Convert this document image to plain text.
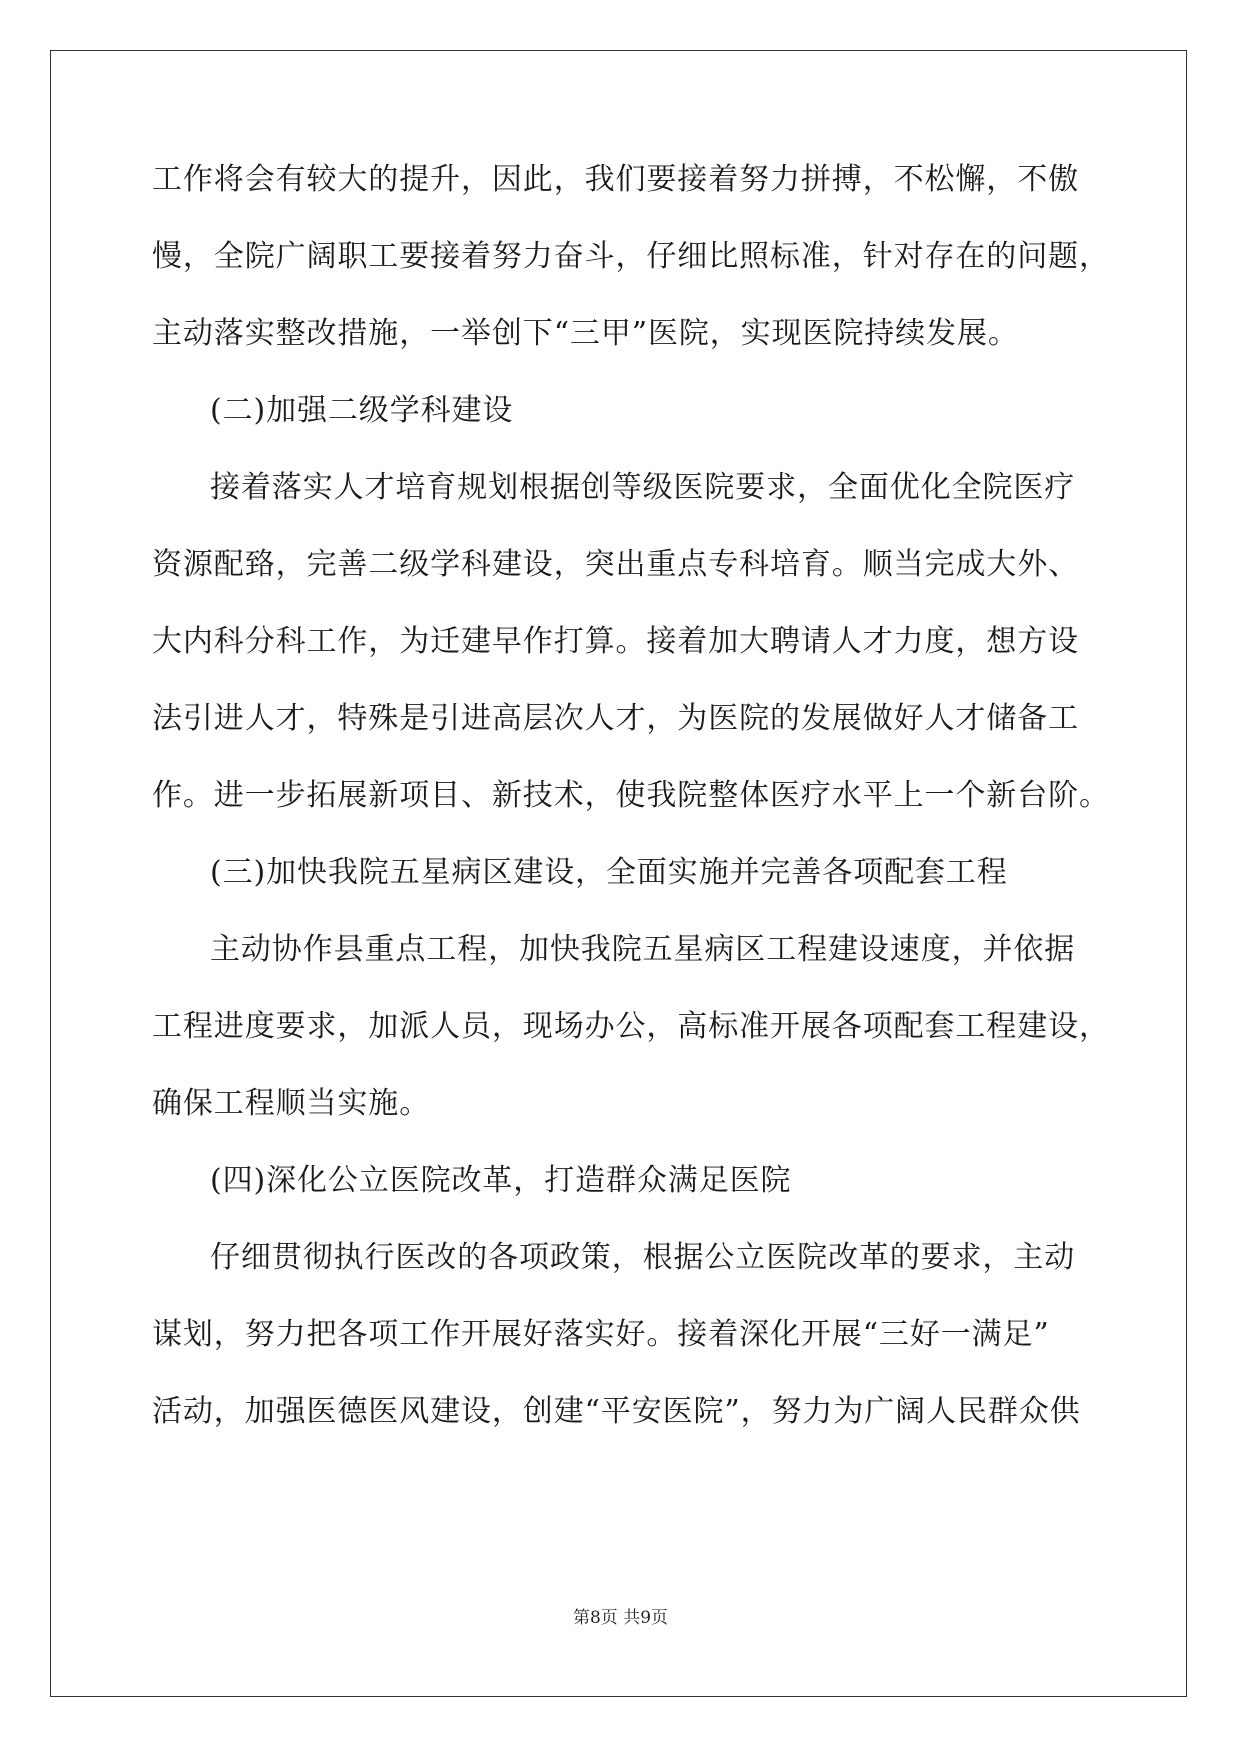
工作将会有较大的提升，因此，我们要接着努力拼搏，不松懈，不傲
慢，全院广阔职工要接着努力奋斗，仔细比照标准，针对存在的问题，
主动落实整改措施，一举创下“三甲”医院，实现医院持续发展。
(二)加强二级学科建设
接着落实人才培育规划根据创等级医院要求，全面优化全院医疗
资源配臵，完善二级学科建设，突出重点专科培育。顺当完成大外、
大内科分科工作，为迁建早作打算。接着加大聘请人才力度，想方设
法引进人才，特殊是引进高层次人才，为医院的发展做好人才储备工
作。进一步拓展新项目、新技术，使我院整体医疗水平上一个新台阶。
(三)加快我院五星病区建设，全面实施并完善各项配套工程
主动协作县重点工程，加快我院五星病区工程建设速度，并依据
工程进度要求，加派人员，现场办公，高标准开展各项配套工程建设，
确保工程顺当实施。
(四)深化公立医院改革，打造群众满足医院
仔细贯彻执行医改的各项政策，根据公立医院改革的要求，主动
谋划，努力把各项工作开展好落实好。接着深化开展“三好一满足”
活动，加强医德医风建设，创建“平安医院”，努力为广阔人民群众供
第8页 共9页
